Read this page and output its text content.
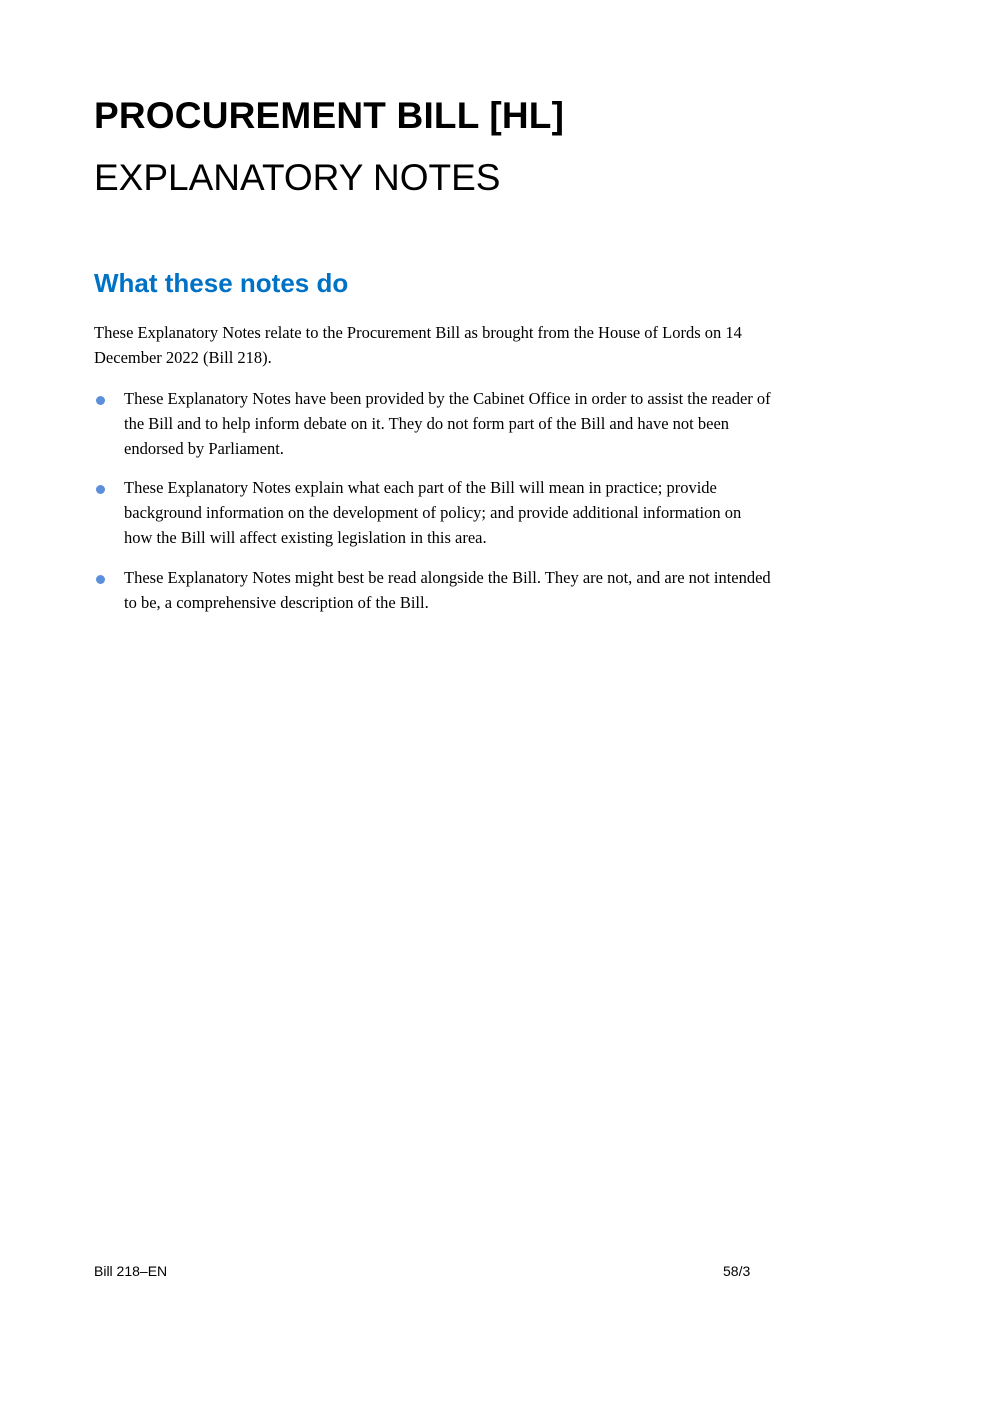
PROCUREMENT BILL [HL]
EXPLANATORY NOTES
What these notes do
These Explanatory Notes relate to the Procurement Bill as brought from the House of Lords on 14
December 2022 (Bill 218).
These Explanatory Notes have been provided by the Cabinet Office in order to assist the reader of
the Bill and to help inform debate on it. They do not form part of the Bill and have not been
endorsed by Parliament.
These Explanatory Notes explain what each part of the Bill will mean in practice; provide
background information on the development of policy; and provide additional information on
how the Bill will affect existing legislation in this area.
These Explanatory Notes might best be read alongside the Bill. They are not, and are not intended
to be, a comprehensive description of the Bill.
Bill 218–EN	58/3
